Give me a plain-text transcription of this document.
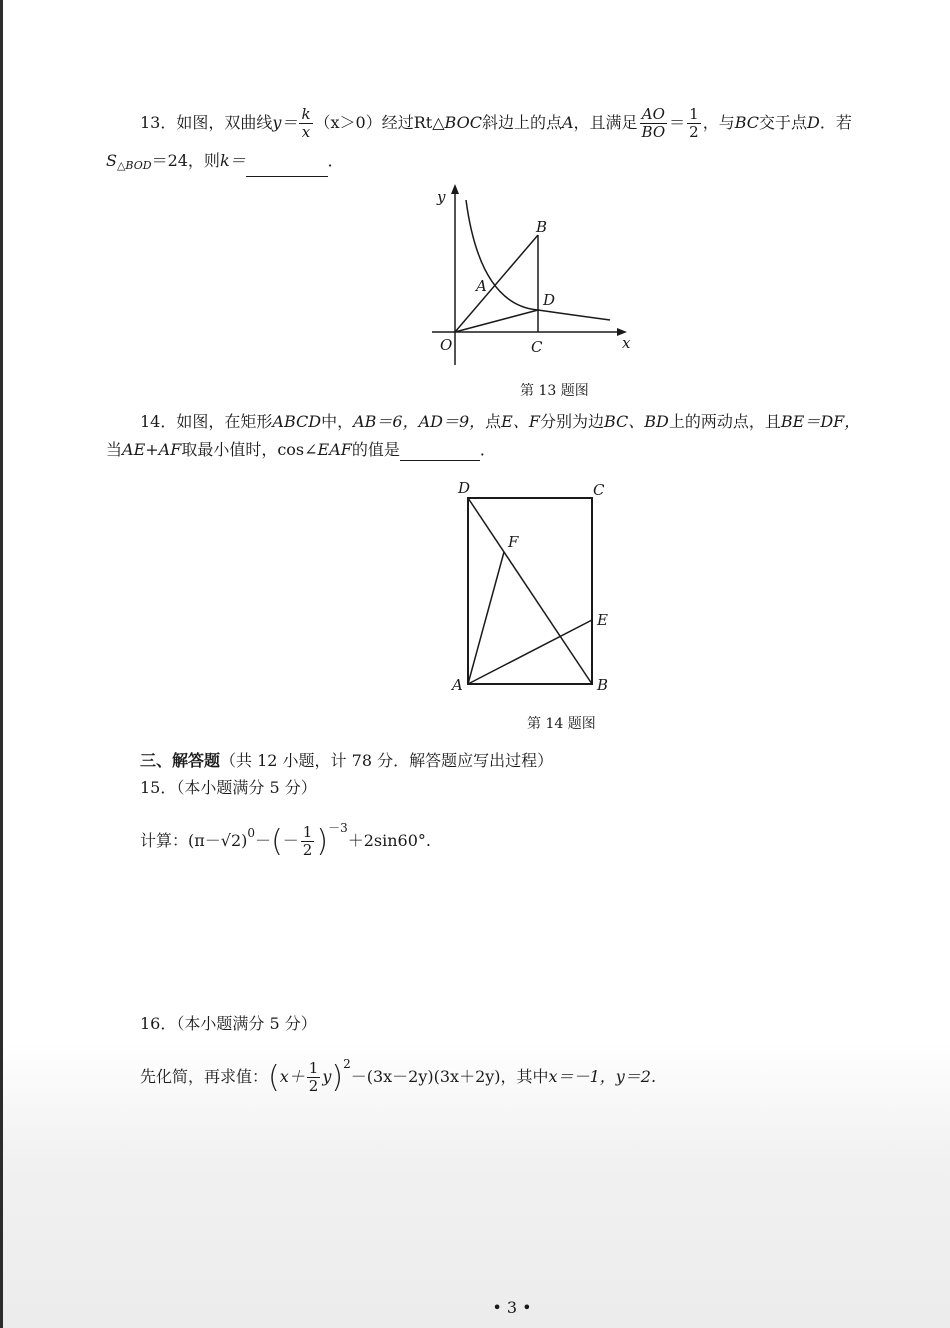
13．如图，双曲线$y= \frac{k}{x} (x>0)$经过Rt△BOC斜边上的点A，且满足 $\frac{AO}{BO} = \frac{1}{2}$ ，与BC交于点D．若
$S_{\triangle BOD}=24$，则k＝	．
y
x
O
A
B
C
D
第 13 题图
14．如图，在矩形ABCD中，AB＝6，AD＝9，点E、F分别为边BC、BD上的两动点，且BE＝DF，
当AE+AF取最小值时，cos∠EAF的值是	．
D	C
F
E
A	B
第 14 题图
三、解答题（共 12 小题，计 78 分．解答题应写出过程）
15．（本小题满分 5 分）
计算：$(\pi-√2)^0-(- \frac{1}{2} )^{-3}+2\sin 60^\circ$.
16．（本小题满分 5 分）
先化简，再求值：$(x+ \frac{1}{2} y)^2-(3x-2y)(3x+2y)$，其中x＝－1，y＝2.
• 3 •
